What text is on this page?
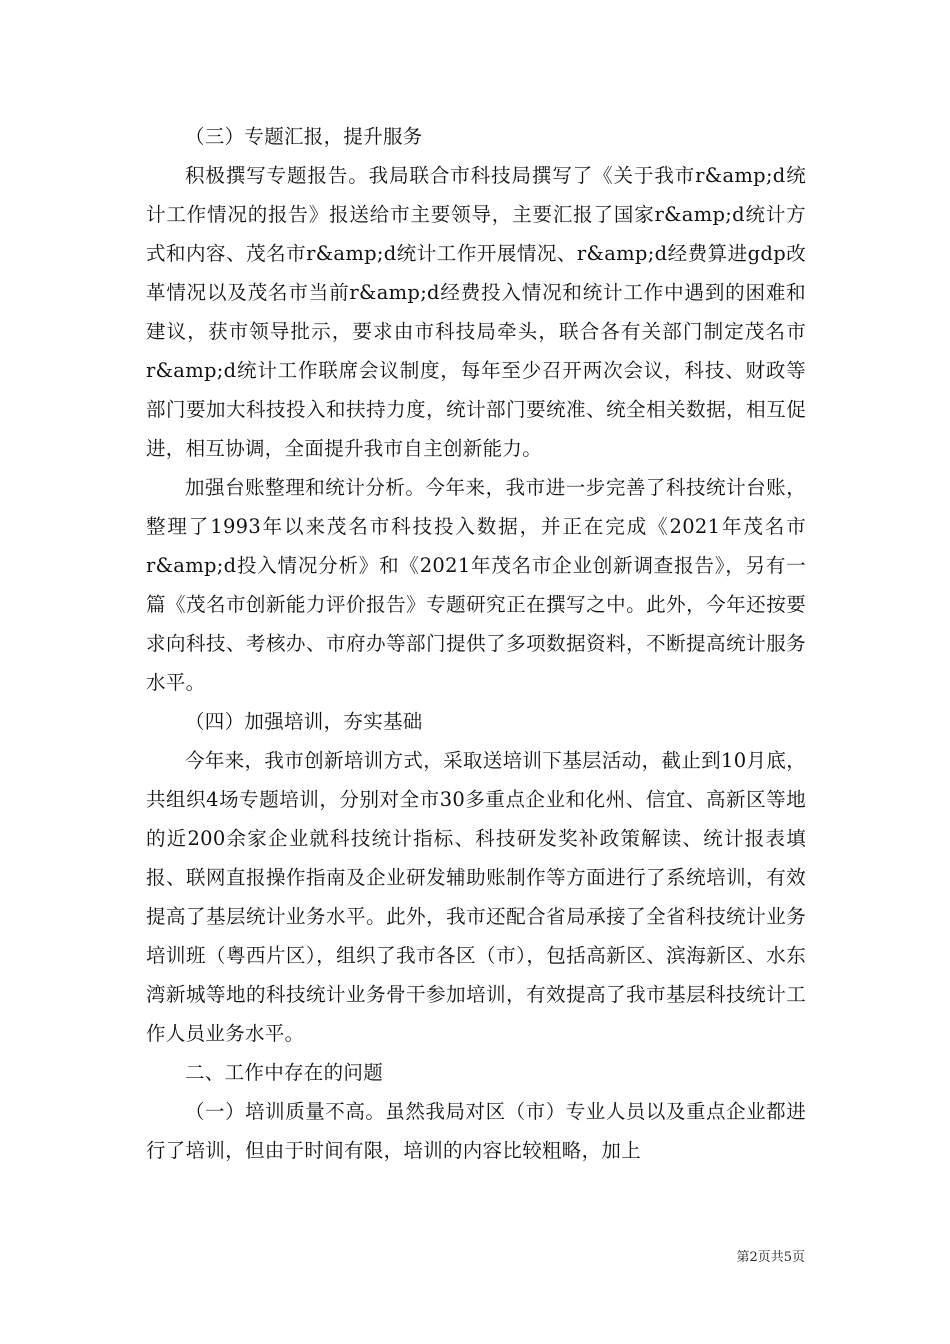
（三）专题汇报，提升服务

积极撰写专题报告。我局联合市科技局撰写了《关于我市r&amp;d统计工作情况的报告》报送给市主要领导，主要汇报了国家r&amp;d统计方式和内容、茂名市r&amp;d统计工作开展情况、r&amp;d经费算进gdp改革情况以及茂名市当前r&amp;d经费投入情况和统计工作中遇到的困难和建议，获市领导批示，要求由市科技局牵头，联合各有关部门制定茂名市r&amp;d统计工作联席会议制度，每年至少召开两次会议，科技、财政等部门要加大科技投入和扶持力度，统计部门要统准、统全相关数据，相互促进，相互协调，全面提升我市自主创新能力。

加强台账整理和统计分析。今年来，我市进一步完善了科技统计台账，整理了1993年以来茂名市科技投入数据，并正在完成《2021年茂名市r&amp;d投入情况分析》和《2021年茂名市企业创新调查报告》，另有一篇《茂名市创新能力评价报告》专题研究正在撰写之中。此外，今年还按要求向科技、考核办、市府办等部门提供了多项数据资料，不断提高统计服务水平。

（四）加强培训，夯实基础

今年来，我市创新培训方式，采取送培训下基层活动，截止到10月底，共组织4场专题培训，分别对全市30多重点企业和化州、信宜、高新区等地的近200余家企业就科技统计指标、科技研发奖补政策解读、统计报表填报、联网直报操作指南及企业研发辅助账制作等方面进行了系统培训，有效提高了基层统计业务水平。此外，我市还配合省局承接了全省科技统计业务培训班（粤西片区），组织了我市各区（市），包括高新区、滨海新区、水东湾新城等地的科技统计业务骨干参加培训，有效提高了我市基层科技统计工作人员业务水平。

二、工作中存在的问题

（一）培训质量不高。虽然我局对区（市）专业人员以及重点企业都进行了培训，但由于时间有限，培训的内容比较粗略，加上

第2页共5页
